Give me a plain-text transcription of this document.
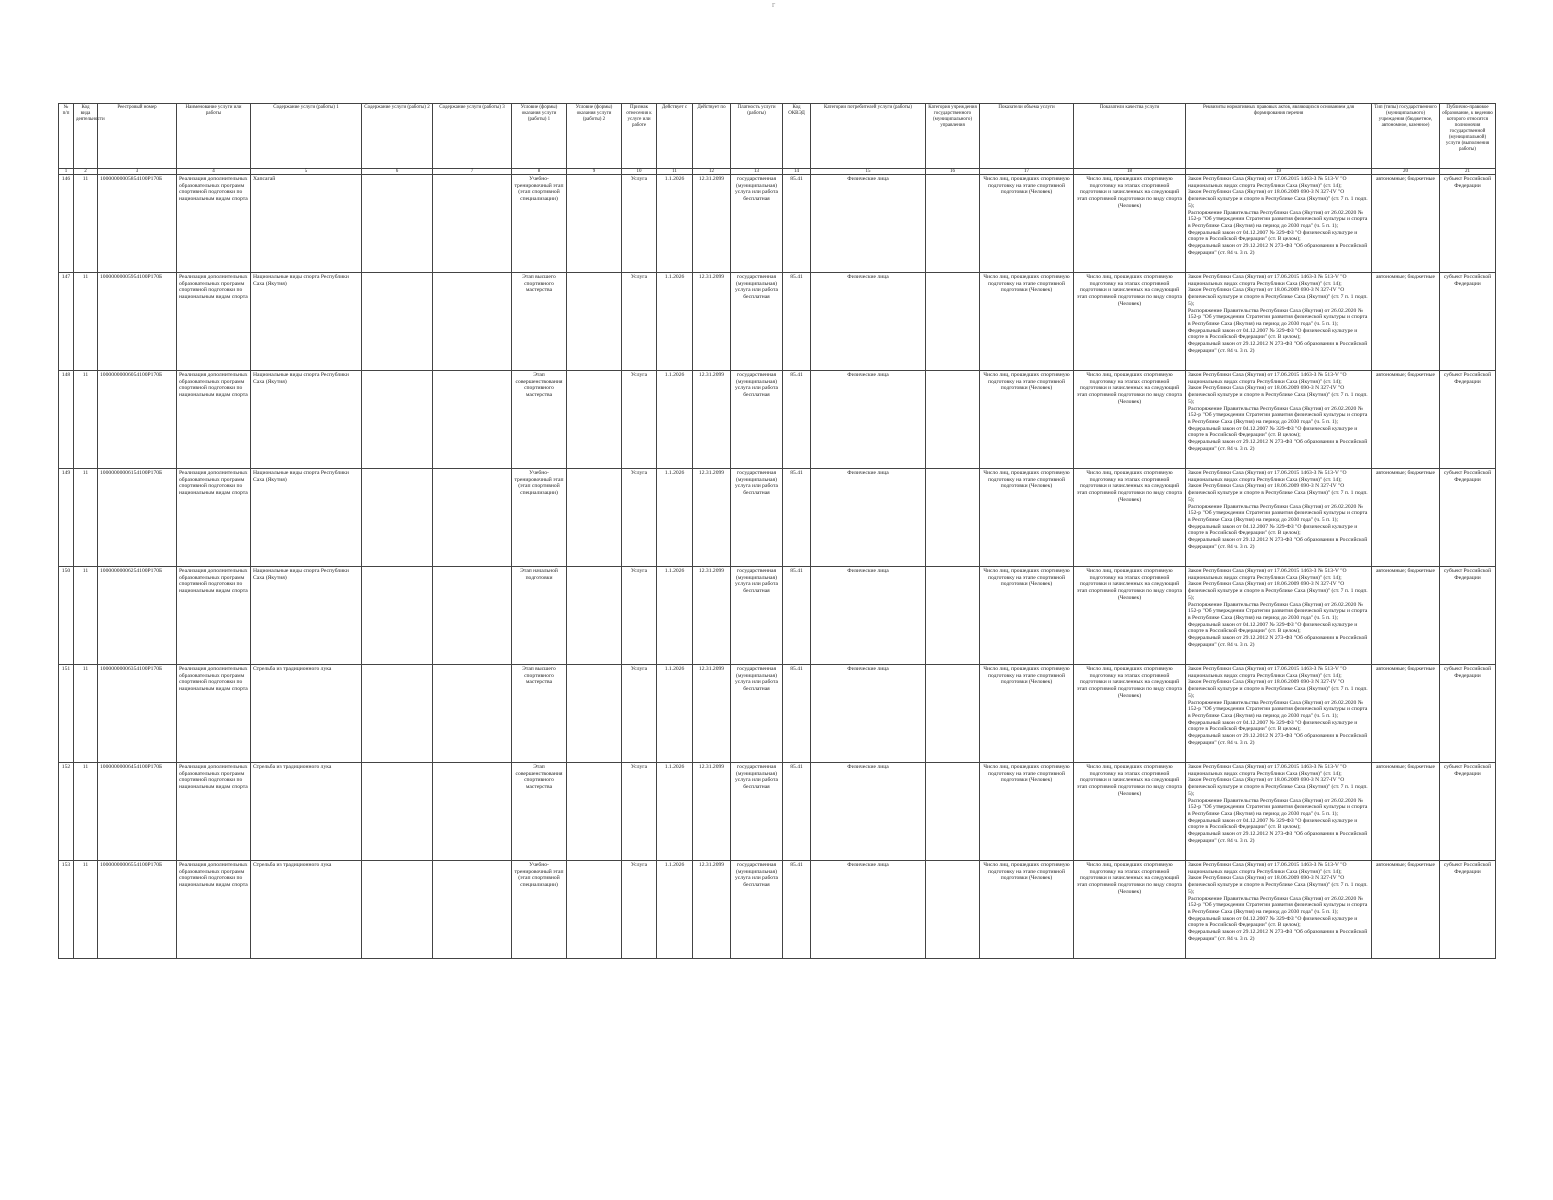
г
№ п/п	Код вида деятельности	Реестровый номер	Наименование услуги или работы	Содержание услуги (работы) 1	Содержание услуги (работы) 2	Содержание услуги (работы) 3	Условие (формы) оказания услуги (работы) 1	Условие (формы) оказания услуги (работы) 2	Признак отнесения к услуге или работе	Действует с	Действует по	Платность услуги (работы)	Код ОКВЭД	Категории потребителей услуги (работы)	Категория учреждения государственного (муниципального) управления	Показатели объема услуги	Показатели качества услуги	Реквизиты нормативных правовых актов, являющихся основанием для формирования перечня	Тип (типы) государственного (муниципального) учреждения (бюджетное, автономное, казенное)	Публично-правовое образование, к ведению которого относятся полномочия государственной (муниципальной) услуги (выполнения работы)
1	2	3	4	5	6	7	8	9	10	11	12	13	14	15	16	17	18	19	20	21
146	11	10000000005854100Р170Б	Реализация дополнительных образовательных программ спортивной подготовки по национальным видам спорта	Хапсагай			Учебно-тренировочный этап (этап спортивной специализации)		Услуга	1.1.2026	12.31.2099	государственная (муниципальная) услуга или работа бесплатная	85.41	Физические лица		Число лиц, прошедших спортивную подготовку на этапе спортивной подготовки (Человек)	Число лиц, прошедших спортивную подготовку на этапах спортивной подготовки и зачисленных на следующий этап спортивной подготовки по виду спорта (Человек)	Закон Республики Саха (Якутия) от 17.06.2015 1463-З № 513-V "О национальных видах спорта Республики Саха (Якутия)" (ст. 14);
Закон Республики Саха (Якутия) от 18.06.2009 690-З N 327-IV "О физической культуре и спорте в Республике Саха (Якутия)" (ст. 7 п. 1 подп. 5);
Распоряжение Правительства Республики Саха (Якутия) от 26.02.2020 № 152-р "Об утверждении Стратегии развития физической культуры и спорта в Республике Саха (Якутия) на период до 2030 года" (ч. 5 п. 1);
Федеральный закон от 04.12.2007 № 329-ФЗ "О физической культуре и спорте в Российской Федерации" (ст. В целом);
Федеральный закон от 29.12.2012 N 273-ФЗ "Об образовании в Российской Федерации" (ст. 84 ч. 3 п. 2)	автономные; бюджетные	субъект Российской Федерации
147	11	10000000005954100Р170Б	Реализация дополнительных образовательных программ спортивной подготовки по национальным видам спорта	Национальные виды спорта Республики Саха (Якутия)			Этап высшего спортивного мастерства		Услуга	1.1.2026	12.31.2099	государственная (муниципальная) услуга или работа бесплатная	85.41	Физические лица		Число лиц, прошедших спортивную подготовку на этапе спортивной подготовки (Человек)	Число лиц, прошедших спортивную подготовку на этапах спортивной подготовки и зачисленных на следующий этап спортивной подготовки по виду спорта (Человек)	Закон Республики Саха (Якутия) от 17.06.2015 1463-З № 513-V "О национальных видах спорта Республики Саха (Якутия)" (ст. 14);
Закон Республики Саха (Якутия) от 18.06.2009 690-З N 327-IV "О физической культуре и спорте в Республике Саха (Якутия)" (ст. 7 п. 1 подп. 5);
Распоряжение Правительства Республики Саха (Якутия) от 26.02.2020 № 152-р "Об утверждении Стратегии развития физической культуры и спорта в Республике Саха (Якутия) на период до 2030 года" (ч. 5 п. 1);
Федеральный закон от 04.12.2007 № 329-ФЗ "О физической культуре и спорте в Российской Федерации" (ст. В целом);
Федеральный закон от 29.12.2012 N 273-ФЗ "Об образовании в Российской Федерации" (ст. 84 ч. 3 п. 2)	автономные; бюджетные	субъект Российской Федерации
148	11	10000000006054100Р170Б	Реализация дополнительных образовательных программ спортивной подготовки по национальным видам спорта	Национальные виды спорта Республики Саха (Якутия)			Этап совершенствования спортивного мастерства		Услуга	1.1.2026	12.31.2099	государственная (муниципальная) услуга или работа бесплатная	85.41	Физические лица		Число лиц, прошедших спортивную подготовку на этапе спортивной подготовки (Человек)	Число лиц, прошедших спортивную подготовку на этапах спортивной подготовки и зачисленных на следующий этап спортивной подготовки по виду спорта (Человек)	Закон Республики Саха (Якутия) от 17.06.2015 1463-З № 513-V "О национальных видах спорта Республики Саха (Якутия)" (ст. 14);
Закон Республики Саха (Якутия) от 18.06.2009 690-З N 327-IV "О физической культуре и спорте в Республике Саха (Якутия)" (ст. 7 п. 1 подп. 5);
Распоряжение Правительства Республики Саха (Якутия) от 26.02.2020 № 152-р "Об утверждении Стратегии развития физической культуры и спорта в Республике Саха (Якутия) на период до 2030 года" (ч. 5 п. 1);
Федеральный закон от 04.12.2007 № 329-ФЗ "О физической культуре и спорте в Российской Федерации" (ст. В целом);
Федеральный закон от 29.12.2012 N 273-ФЗ "Об образовании в Российской Федерации" (ст. 84 ч. 3 п. 2)	автономные; бюджетные	субъект Российской Федерации
149	11	10000000006154100Р170Б	Реализация дополнительных образовательных программ спортивной подготовки по национальным видам спорта	Национальные виды спорта Республики Саха (Якутия)			Учебно-тренировочный этап (этап спортивной специализации)		Услуга	1.1.2026	12.31.2099	государственная (муниципальная) услуга или работа бесплатная	85.41	Физические лица		Число лиц, прошедших спортивную подготовку на этапе спортивной подготовки (Человек)	Число лиц, прошедших спортивную подготовку на этапах спортивной подготовки и зачисленных на следующий этап спортивной подготовки по виду спорта (Человек)	Закон Республики Саха (Якутия) от 17.06.2015 1463-З № 513-V "О национальных видах спорта Республики Саха (Якутия)" (ст. 14);
Закон Республики Саха (Якутия) от 18.06.2009 690-З N 327-IV "О физической культуре и спорте в Республике Саха (Якутия)" (ст. 7 п. 1 подп. 5);
Распоряжение Правительства Республики Саха (Якутия) от 26.02.2020 № 152-р "Об утверждении Стратегии развития физической культуры и спорта в Республике Саха (Якутия) на период до 2030 года" (ч. 5 п. 1);
Федеральный закон от 04.12.2007 № 329-ФЗ "О физической культуре и спорте в Российской Федерации" (ст. В целом);
Федеральный закон от 29.12.2012 N 273-ФЗ "Об образовании в Российской Федерации" (ст. 84 ч. 3 п. 2)	автономные; бюджетные	субъект Российской Федерации
150	11	10000000006254100Р170Б	Реализация дополнительных образовательных программ спортивной подготовки по национальным видам спорта	Национальные виды спорта Республики Саха (Якутия)			Этап начальной подготовки		Услуга	1.1.2026	12.31.2099	государственная (муниципальная) услуга или работа бесплатная	85.41	Физические лица		Число лиц, прошедших спортивную подготовку на этапе спортивной подготовки (Человек)	Число лиц, прошедших спортивную подготовку на этапах спортивной подготовки и зачисленных на следующий этап спортивной подготовки по виду спорта (Человек)	Закон Республики Саха (Якутия) от 17.06.2015 1463-З № 513-V "О национальных видах спорта Республики Саха (Якутия)" (ст. 14);
Закон Республики Саха (Якутия) от 18.06.2009 690-З N 327-IV "О физической культуре и спорте в Республике Саха (Якутия)" (ст. 7 п. 1 подп. 5);
Распоряжение Правительства Республики Саха (Якутия) от 26.02.2020 № 152-р "Об утверждении Стратегии развития физической культуры и спорта в Республике Саха (Якутия) на период до 2030 года" (ч. 5 п. 1);
Федеральный закон от 04.12.2007 № 329-ФЗ "О физической культуре и спорте в Российской Федерации" (ст. В целом);
Федеральный закон от 29.12.2012 N 273-ФЗ "Об образовании в Российской Федерации" (ст. 84 ч. 3 п. 2)	автономные; бюджетные	субъект Российской Федерации
151	11	10000000006354100Р170Б	Реализация дополнительных образовательных программ спортивной подготовки по национальным видам спорта	Стрельба из традиционного лука			Этап высшего спортивного мастерства		Услуга	1.1.2026	12.31.2099	государственная (муниципальная) услуга или работа бесплатная	85.41	Физические лица		Число лиц, прошедших спортивную подготовку на этапе спортивной подготовки (Человек)	Число лиц, прошедших спортивную подготовку на этапах спортивной подготовки и зачисленных на следующий этап спортивной подготовки по виду спорта (Человек)	Закон Республики Саха (Якутия) от 17.06.2015 1463-З № 513-V "О национальных видах спорта Республики Саха (Якутия)" (ст. 14);
Закон Республики Саха (Якутия) от 18.06.2009 690-З N 327-IV "О физической культуре и спорте в Республике Саха (Якутия)" (ст. 7 п. 1 подп. 5);
Распоряжение Правительства Республики Саха (Якутия) от 26.02.2020 № 152-р "Об утверждении Стратегии развития физической культуры и спорта в Республике Саха (Якутия) на период до 2030 года" (ч. 5 п. 1);
Федеральный закон от 04.12.2007 № 329-ФЗ "О физической культуре и спорте в Российской Федерации" (ст. В целом);
Федеральный закон от 29.12.2012 N 273-ФЗ "Об образовании в Российской Федерации" (ст. 84 ч. 3 п. 2)	автономные; бюджетные	субъект Российской Федерации
152	11	10000000006454100Р170Б	Реализация дополнительных образовательных программ спортивной подготовки по национальным видам спорта	Стрельба из традиционного лука			Этап совершенствования спортивного мастерства		Услуга	1.1.2026	12.31.2099	государственная (муниципальная) услуга или работа бесплатная	85.41	Физические лица		Число лиц, прошедших спортивную подготовку на этапе спортивной подготовки (Человек)	Число лиц, прошедших спортивную подготовку на этапах спортивной подготовки и зачисленных на следующий этап спортивной подготовки по виду спорта (Человек)	Закон Республики Саха (Якутия) от 17.06.2015 1463-З № 513-V "О национальных видах спорта Республики Саха (Якутия)" (ст. 14);
Закон Республики Саха (Якутия) от 18.06.2009 690-З N 327-IV "О физической культуре и спорте в Республике Саха (Якутия)" (ст. 7 п. 1 подп. 5);
Распоряжение Правительства Республики Саха (Якутия) от 26.02.2020 № 152-р "Об утверждении Стратегии развития физической культуры и спорта в Республике Саха (Якутия) на период до 2030 года" (ч. 5 п. 1);
Федеральный закон от 04.12.2007 № 329-ФЗ "О физической культуре и спорте в Российской Федерации" (ст. В целом);
Федеральный закон от 29.12.2012 N 273-ФЗ "Об образовании в Российской Федерации" (ст. 84 ч. 3 п. 2)	автономные; бюджетные	субъект Российской Федерации
153	11	10000000006554100Р170Б	Реализация дополнительных образовательных программ спортивной подготовки по национальным видам спорта	Стрельба из традиционного лука			Учебно-тренировочный этап (этап спортивной специализации)		Услуга	1.1.2026	12.31.2099	государственная (муниципальная) услуга или работа бесплатная	85.41	Физические лица		Число лиц, прошедших спортивную подготовку на этапе спортивной подготовки (Человек)	Число лиц, прошедших спортивную подготовку на этапах спортивной подготовки и зачисленных на следующий этап спортивной подготовки по виду спорта (Человек)	Закон Республики Саха (Якутия) от 17.06.2015 1463-З № 513-V "О национальных видах спорта Республики Саха (Якутия)" (ст. 14);
Закон Республики Саха (Якутия) от 18.06.2009 690-З N 327-IV "О физической культуре и спорте в Республике Саха (Якутия)" (ст. 7 п. 1 подп. 5);
Распоряжение Правительства Республики Саха (Якутия) от 26.02.2020 № 152-р "Об утверждении Стратегии развития физической культуры и спорта в Республике Саха (Якутия) на период до 2030 года" (ч. 5 п. 1);
Федеральный закон от 04.12.2007 № 329-ФЗ "О физической культуре и спорте в Российской Федерации" (ст. В целом);
Федеральный закон от 29.12.2012 N 273-ФЗ "Об образовании в Российской Федерации" (ст. 84 ч. 3 п. 2)	автономные; бюджетные	субъект Российской Федерации
